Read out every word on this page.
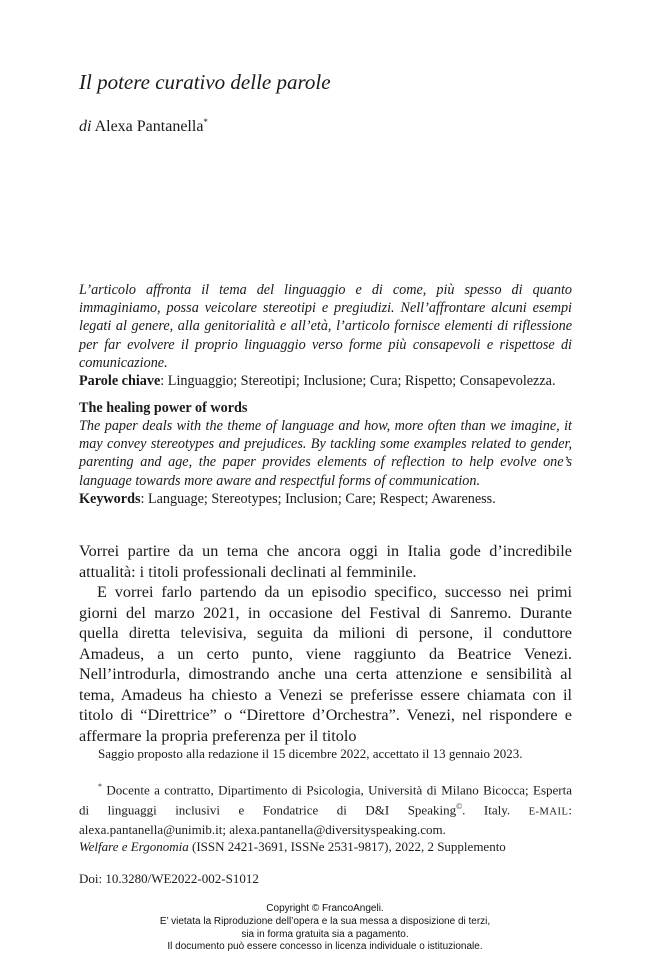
Il potere curativo delle parole
di Alexa Pantanella*
L’articolo affronta il tema del linguaggio e di come, più spesso di quanto immaginiamo, possa veicolare stereotipi e pregiudizi. Nell’affrontare alcuni esempi legati al genere, alla genitorialità e all’età, l’articolo fornisce elementi di riflessione per far evolvere il proprio linguaggio verso forme più consapevoli e rispettose di comunicazione.
Parole chiave: Linguaggio; Stereotipi; Inclusione; Cura; Rispetto; Consapevolezza.
The healing power of words
The paper deals with the theme of language and how, more often than we imagine, it may convey stereotypes and prejudices. By tackling some examples related to gender, parenting and age, the paper provides elements of reflection to help evolve one’s language towards more aware and respectful forms of communication.
Keywords: Language; Stereotypes; Inclusion; Care; Respect; Awareness.

Vorrei partire da un tema che ancora oggi in Italia gode d’incredibile attualità: i titoli professionali declinati al femminile.

E vorrei farlo partendo da un episodio specifico, successo nei primi giorni del marzo 2021, in occasione del Festival di Sanremo. Durante quella diretta televisiva, seguita da milioni di persone, il conduttore Amadeus, a un certo punto, viene raggiunto da Beatrice Venezi. Nell’introdurla, dimostrando anche una certa attenzione e sensibilità al tema, Amadeus ha chiesto a Venezi se preferisse essere chiamata con il titolo di “Direttrice” o “Direttore d’Orchestra”. Venezi, nel rispondere e affermare la propria preferenza per il titolo

Saggio proposto alla redazione il 15 dicembre 2022, accettato il 13 gennaio 2023.
* Docente a contratto, Dipartimento di Psicologia, Università di Milano Bicocca; Esperta di linguaggi inclusivi e Fondatrice di D&I Speaking©. Italy. E-MAIL: alexa.pantanella@unimib.it; alexa.pantanella@diversityspeaking.com.
Welfare e Ergonomia (ISSN 2421-3691, ISSNe 2531-9817), 2022, 2 Supplemento
Doi: 10.3280/WE2022-002-S1012
Copyright © FrancoAngeli.
E’ vietata la Riproduzione dell’opera e la sua messa a disposizione di terzi,
sia in forma gratuita sia a pagamento.
Il documento può essere concesso in licenza individuale o istituzionale.
